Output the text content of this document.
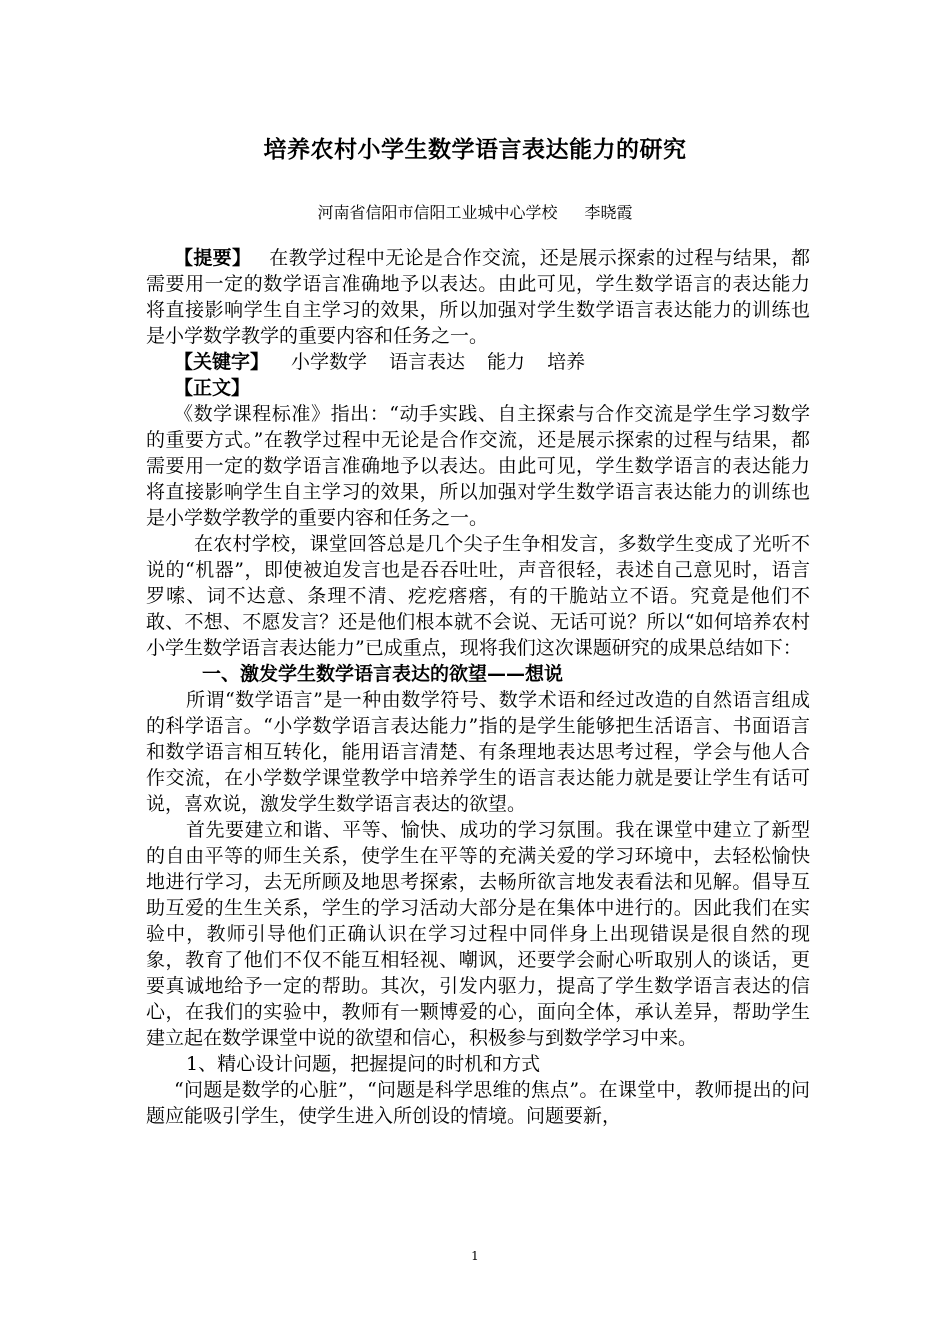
培养农村小学生数学语言表达能力的研究
河南省信阳市信阳工业城中心学校 李晓霞

【提要】 在教学过程中无论是合作交流，还是展示探索的过程与结果，都需要用一定的数学语言准确地予以表达。由此可见，学生数学语言的表达能力将直接影响学生自主学习的效果，所以加强对学生数学语言表达能力的训练也是小学数学教学的重要内容和任务之一。

【关键字】 小学数学 语言表达 能力 培养

【正文】

《数学课程标准》指出：“动手实践、自主探索与合作交流是学生学习数学的重要方式。”在教学过程中无论是合作交流，还是展示探索的过程与结果，都需要用一定的数学语言准确地予以表达。由此可见，学生数学语言的表达能力将直接影响学生自主学习的效果，所以加强对学生数学语言表达能力的训练也是小学数学教学的重要内容和任务之一。

在农村学校，课堂回答总是几个尖子生争相发言，多数学生变成了光听不说的“机器”，即使被迫发言也是吞吞吐吐，声音很轻，表述自己意见时，语言罗嗦、词不达意、条理不清、疙疙瘩瘩，有的干脆站立不语。究竟是他们不敢、不想、不愿发言？还是他们根本就不会说、无话可说？所以“如何培养农村小学生数学语言表达能力”已成重点，现将我们这次课题研究的成果总结如下：

一、激发学生数学语言表达的欲望——想说

所谓“数学语言”是一种由数学符号、数学术语和经过改造的自然语言组成的科学语言。“小学数学语言表达能力”指的是学生能够把生活语言、书面语言和数学语言相互转化，能用语言清楚、有条理地表达思考过程，学会与他人合作交流，在小学数学课堂教学中培养学生的语言表达能力就是要让学生有话可说，喜欢说，激发学生数学语言表达的欲望。

首先要建立和谐、平等、愉快、成功的学习氛围。我在课堂中建立了新型的自由平等的师生关系，使学生在平等的充满关爱的学习环境中，去轻松愉快地进行学习，去无所顾及地思考探索，去畅所欲言地发表看法和见解。倡导互助互爱的生生关系，学生的学习活动大部分是在集体中进行的。因此我们在实验中，教师引导他们正确认识在学习过程中同伴身上出现错误是很自然的现象，教育了他们不仅不能互相轻视、嘲讽，还要学会耐心听取别人的谈话，更要真诚地给予一定的帮助。其次，引发内驱力，提高了学生数学语言表达的信心，在我们的实验中，教师有一颗博爱的心，面向全体，承认差异，帮助学生建立起在数学课堂中说的欲望和信心，积极参与到数学学习中来。

1、精心设计问题，把握提问的时机和方式

“问题是数学的心脏”，“问题是科学思维的焦点”。在课堂中，教师提出的问题应能吸引学生，使学生进入所创设的情境。问题要新，

1
